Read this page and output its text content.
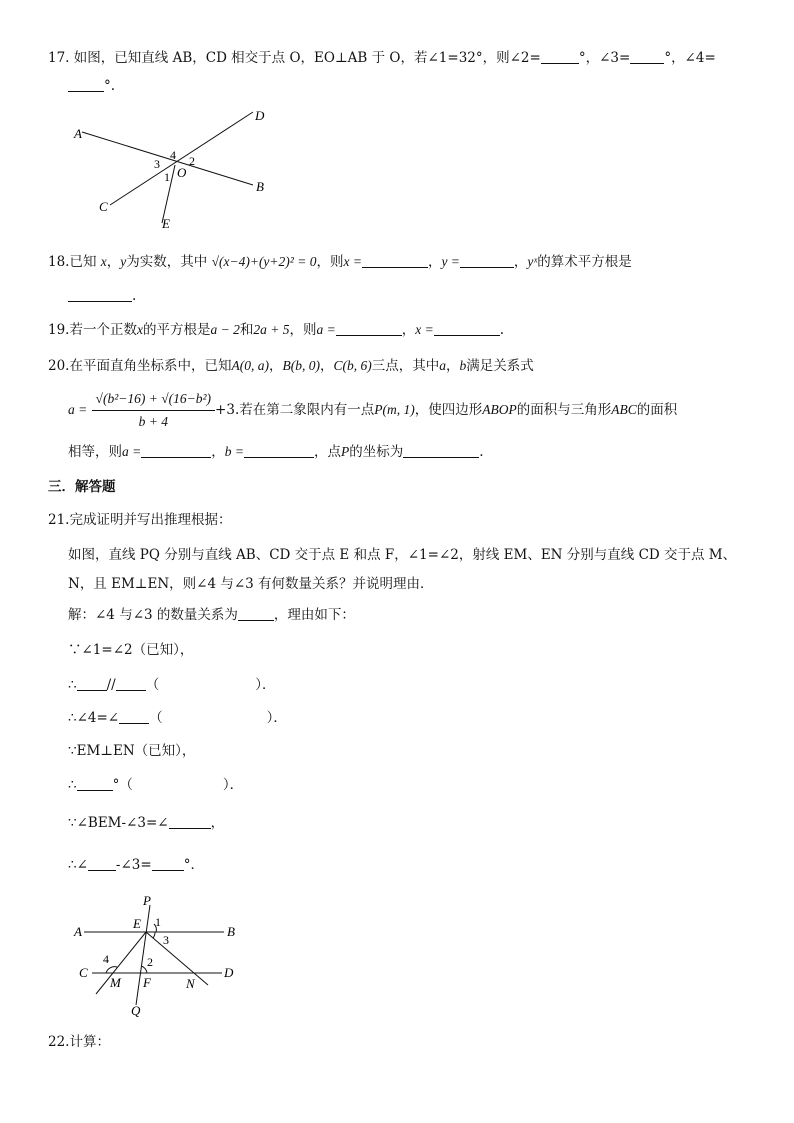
17. 如图，已知直线 AB，CD 相交于点 O，EO⊥AB 于 O，若∠1=32°，则∠2=	°，∠3=	°，∠4=
°.
A
B
C
D
E
O
1
2
3
4
18.已知 x，y为实数，其中 √(x−4)+(y+2)² = 0，则x =	，y =	，yˣ的算术平方根是
.
19.若一个正数x的平方根是a − 2和2a + 5，则a =	，x =	.
20.在平面直角坐标系中，已知A(0, a)，B(b, 0)，C(b, 6)三点，其中a，b满足关系式
$a = \frac{\text{√(b²−16) + √(16−b²)}}{b + 4} +3$.若在第二象限内有一点P(m, 1)，使四边形ABOP的面积与三角形ABC的面积
相等，则a =	，b =	，点P的坐标为	.
三．解答题
21.完成证明并写出推理根据：
如图，直线 PQ 分别与直线 AB、CD 交于点 E 和点 F，∠1=∠2，射线 EM、EN 分别与直线 CD 交于点 M、
N，且 EM⊥EN，则∠4 与∠3 有何数量关系？并说明理由．
解：∠4 与∠3 的数量关系为	，理由如下：
∵∠1=∠2（已知），
∴ // （	）．
∴∠4=∠ （	）．
∵EM⊥EN（已知），
∴	°（	）．
∵∠BEM-∠3=∠	，
∴∠ -∠3= °．
P
A	B
E 1
3
C	D
4	2
M F	N
Q
22.计算：
